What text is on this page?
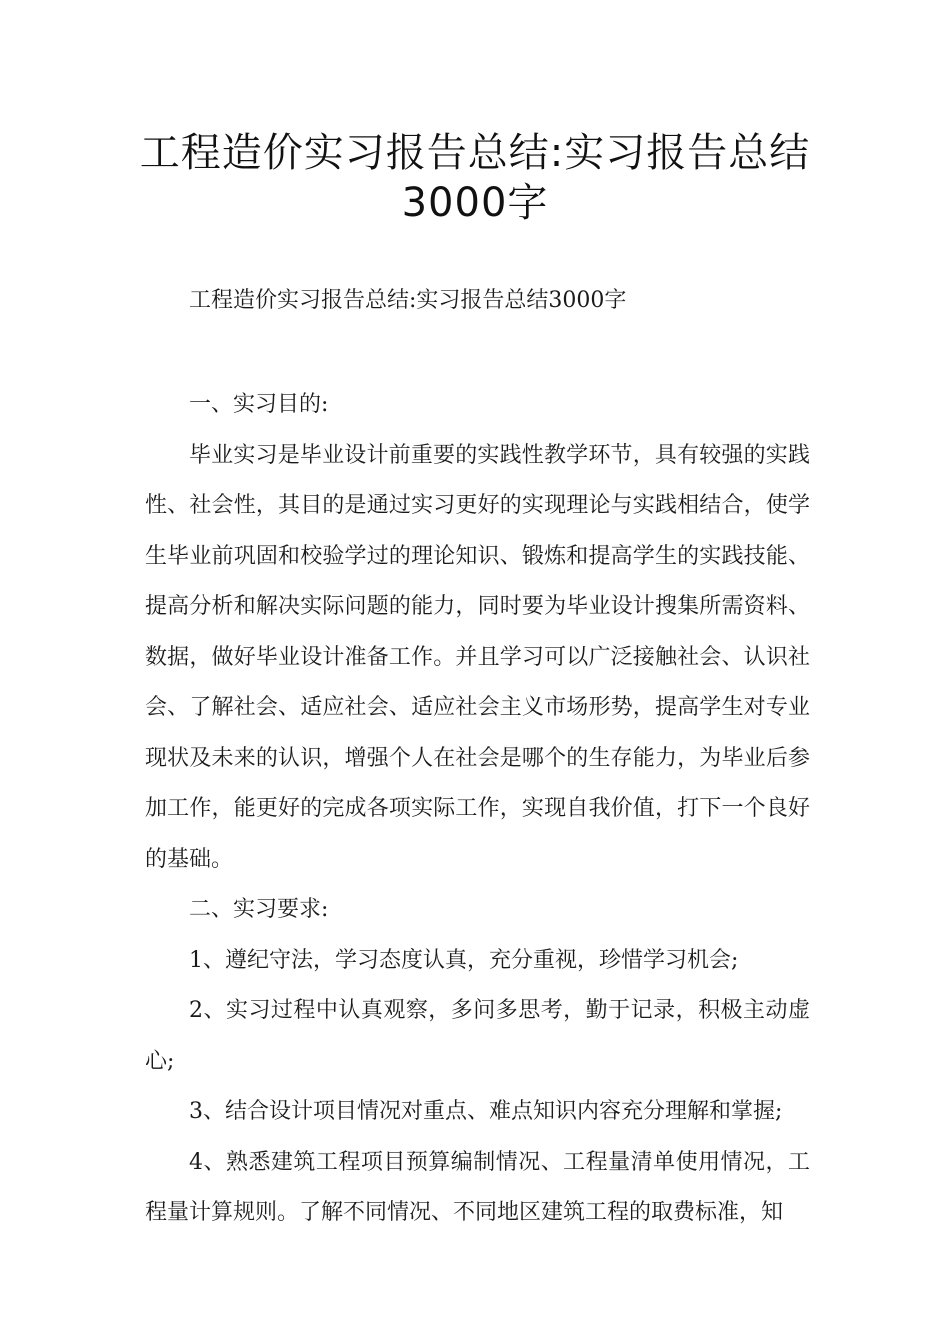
工程造价实习报告总结:实习报告总结
3000字

工程造价实习报告总结:实习报告总结3000字

一、实习目的:

毕业实习是毕业设计前重要的实践性教学环节，具有较强的实践性、社会性，其目的是通过实习更好的实现理论与实践相结合，使学生毕业前巩固和校验学过的理论知识、锻炼和提高学生的实践技能、提高分析和解决实际问题的能力，同时要为毕业设计搜集所需资料、数据，做好毕业设计准备工作。并且学习可以广泛接触社会、认识社会、了解社会、适应社会、适应社会主义市场形势，提高学生对专业现状及未来的认识，增强个人在社会是哪个的生存能力，为毕业后参加工作，能更好的完成各项实际工作，实现自我价值，打下一个良好的基础。

二、实习要求:

1、遵纪守法，学习态度认真，充分重视，珍惜学习机会;

2、实习过程中认真观察，多问多思考，勤于记录，积极主动虚心;

3、结合设计项目情况对重点、难点知识内容充分理解和掌握;

4、熟悉建筑工程项目预算编制情况、工程量清单使用情况，工程量计算规则。了解不同情况、不同地区建筑工程的取费标准，知
